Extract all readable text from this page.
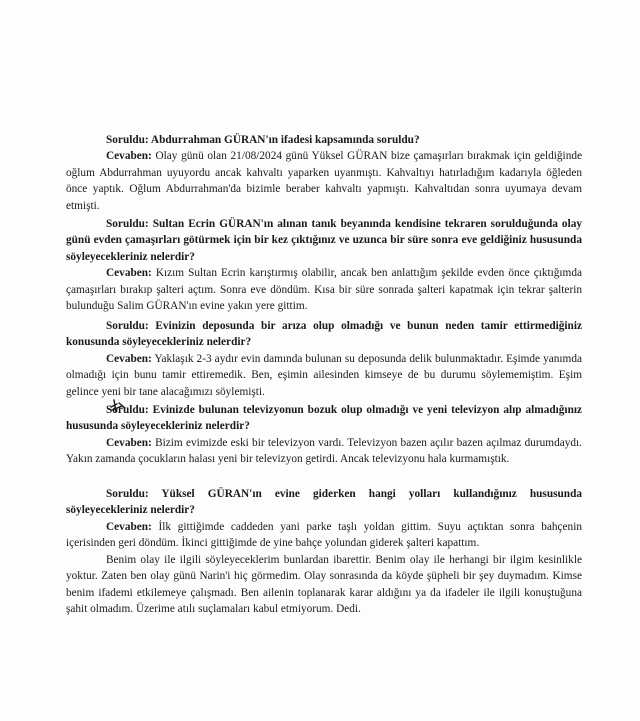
Soruldu: Abdurrahman GÜRAN'ın ifadesi kapsamında soruldu?

Cevaben: Olay günü olan 21/08/2024 günü Yüksel GÜRAN bize çamaşırları bırakmak için geldiğinde oğlum Abdurrahman uyuyordu ancak kahvaltı yaparken uyanmıştı. Kahvaltıyı hatırladığım kadarıyla öğleden önce yaptık. Oğlum Abdurrahman'da bizimle beraber kahvaltı yapmıştı. Kahvaltıdan sonra uyumaya devam etmişti.

Soruldu: Sultan Ecrin GÜRAN'ın alınan tanık beyanında kendisine tekraren sorulduğunda olay günü evden çamaşırları götürmek için bir kez çıktığınız ve uzunca bir süre sonra eve geldiğiniz hususunda söyleyecekleriniz nelerdir?

Cevaben: Kızım Sultan Ecrin karıştırmış olabilir, ancak ben anlattığım şekilde evden önce çıktığımda çamaşırları bırakıp şalteri açtım. Sonra eve döndüm. Kısa bir süre sonrada şalteri kapatmak için tekrar şalterin bulunduğu Salim GÜRAN'ın evine yakın yere gittim.

Soruldu: Evinizin deposunda bir arıza olup olmadığı ve bunun neden tamir ettirmediğiniz konusunda söyleyecekleriniz nelerdir?

Cevaben: Yaklaşık 2-3 aydır evin damında bulunan su deposunda delik bulunmaktadır. Eşimde yanımda olmadığı için bunu tamir ettiremedik. Ben, eşimin ailesinden kimseye de bu durumu söylememiştim. Eşim gelince yeni bir tane alacağımızı söylemişti.

Soruldu: Evinizde bulunan televizyonun bozuk olup olmadığı ve yeni televizyon alıp almadığınız hususunda söyleyecekleriniz nelerdir?

Cevaben: Bizim evimizde eski bir televizyon vardı. Televizyon bazen açılır bazen açılmaz durumdaydı. Yakın zamanda çocukların halası yeni bir televizyon getirdi. Ancak televizyonu hala kurmamıştık.

Soruldu: Yüksel GÜRAN'ın evine giderken hangi yolları kullandığınız hususunda söyleyecekleriniz nelerdir?

Cevaben: İlk gittiğimde caddeden yani parke taşlı yoldan gittim. Suyu açtıktan sonra bahçenin içerisinden geri döndüm. İkinci gittiğimde de yine bahçe yolundan giderek şalteri kapattım.

Benim olay ile ilgili söyleyeceklerim bunlardan ibarettir. Benim olay ile herhangi bir ilgim kesinlikle yoktur. Zaten ben olay günü Narin'i hiç görmedim. Olay sonrasında da köyde şüpheli bir şey duymadım. Kimse benim ifademi etkilemeye çalışmadı. Ben ailenin toplanarak karar aldığını ya da ifadeler ile ilgili konuştuğuna şahit olmadım. Üzerime atılı suçlamaları kabul etmiyorum. Dedi.
